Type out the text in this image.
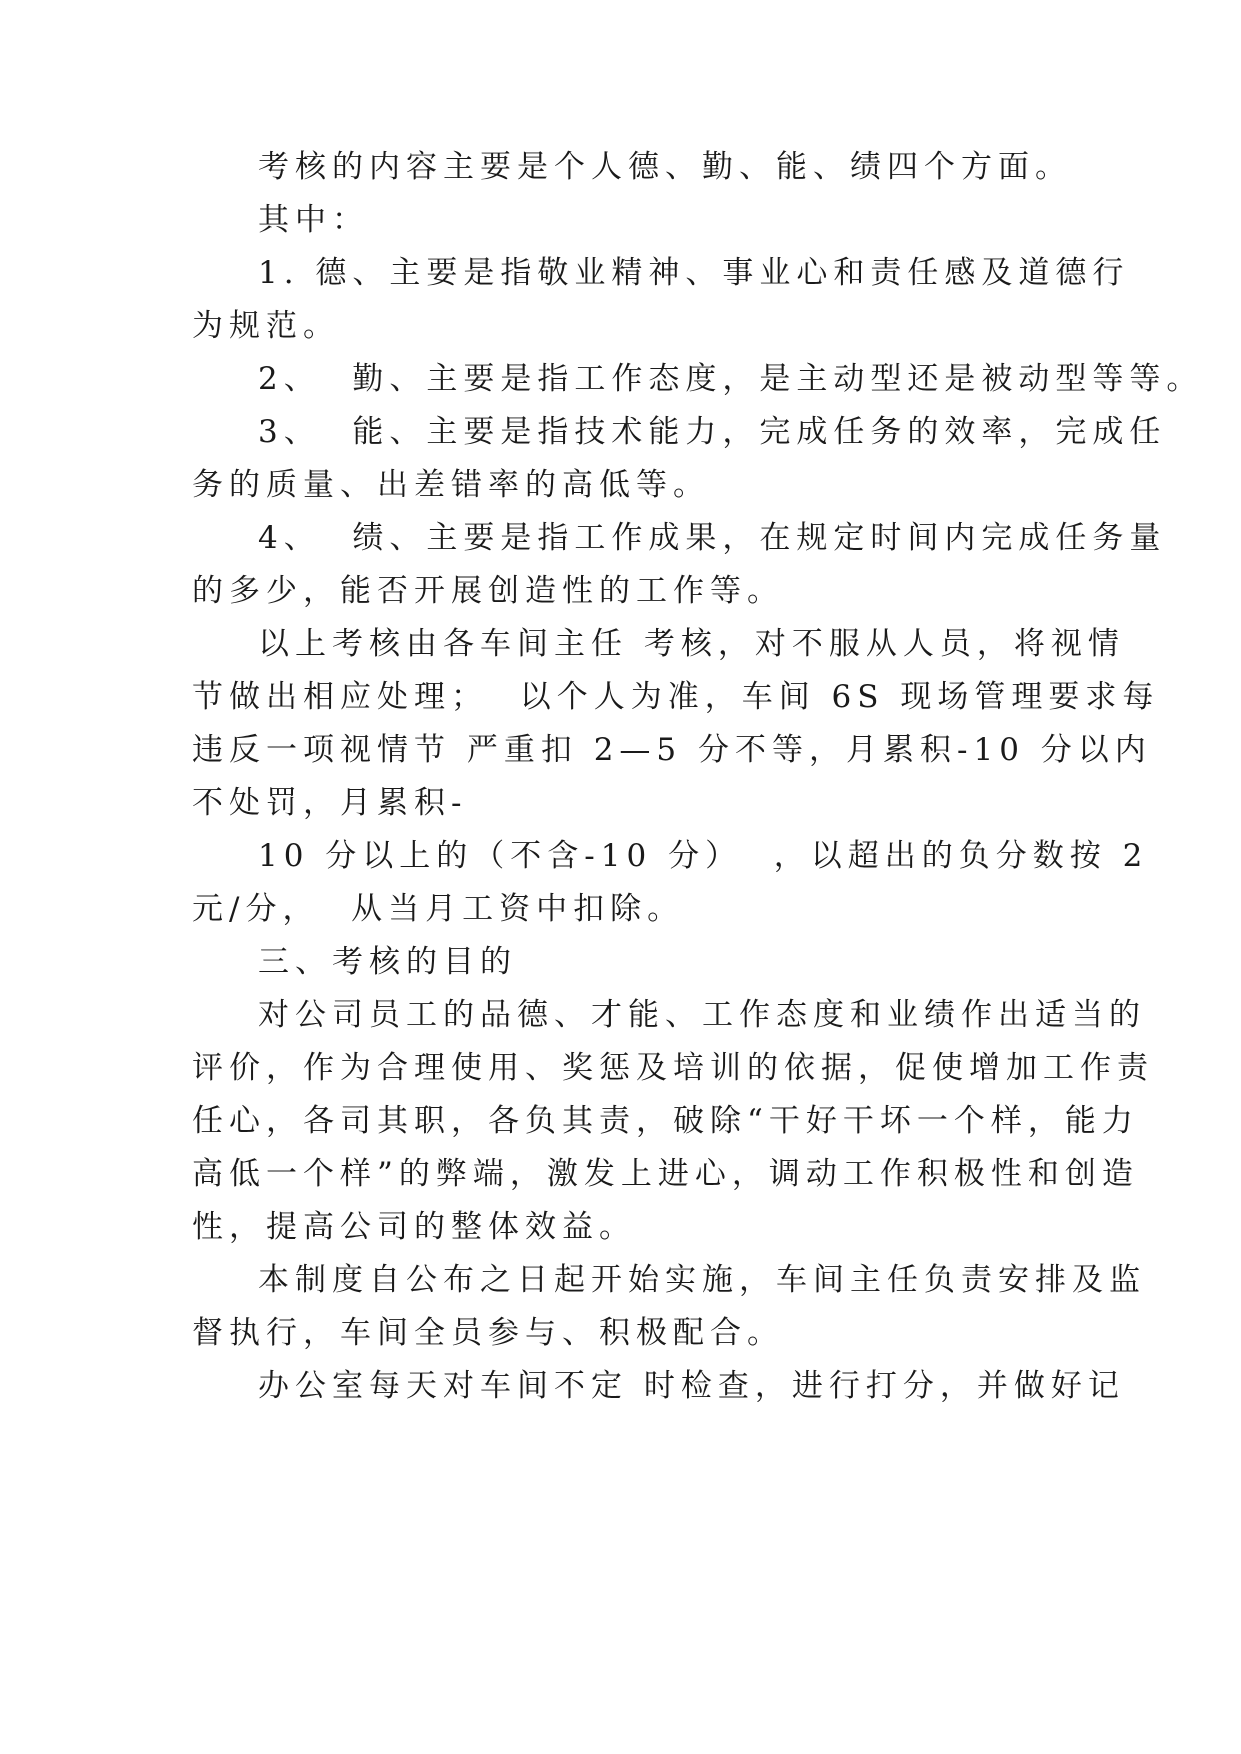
考核的内容主要是个人德、勤、能、绩四个方面。
其中：
1. 德、主要是指敬业精神、事业心和责任感及道德行
为规范。
2、  勤、主要是指工作态度，是主动型还是被动型等等。
3、  能、主要是指技术能力，完成任务的效率，完成任
务的质量、出差错率的高低等。
4、  绩、主要是指工作成果，在规定时间内完成任务量
的多少，能否开展创造性的工作等。
以上考核由各车间主任 考核，对不服从人员，将视情
节做出相应处理；  以个人为准，车间 6S 现场管理要求每
违反一项视情节 严重扣 2—5 分不等，月累积-10 分以内
不处罚，月累积-
10 分以上的（不含-10 分）  ，以超出的负分数按 2
元/分，  从当月工资中扣除。
三、考核的目的
对公司员工的品德、才能、工作态度和业绩作出适当的
评价，作为合理使用、奖惩及培训的依据，促使增加工作责
任心，各司其职，各负其责，破除“干好干坏一个样，能力
高低一个样”的弊端，激发上进心，调动工作积极性和创造
性，提高公司的整体效益。
本制度自公布之日起开始实施，车间主任负责安排及监
督执行，车间全员参与、积极配合。
办公室每天对车间不定 时检查，进行打分，并做好记
